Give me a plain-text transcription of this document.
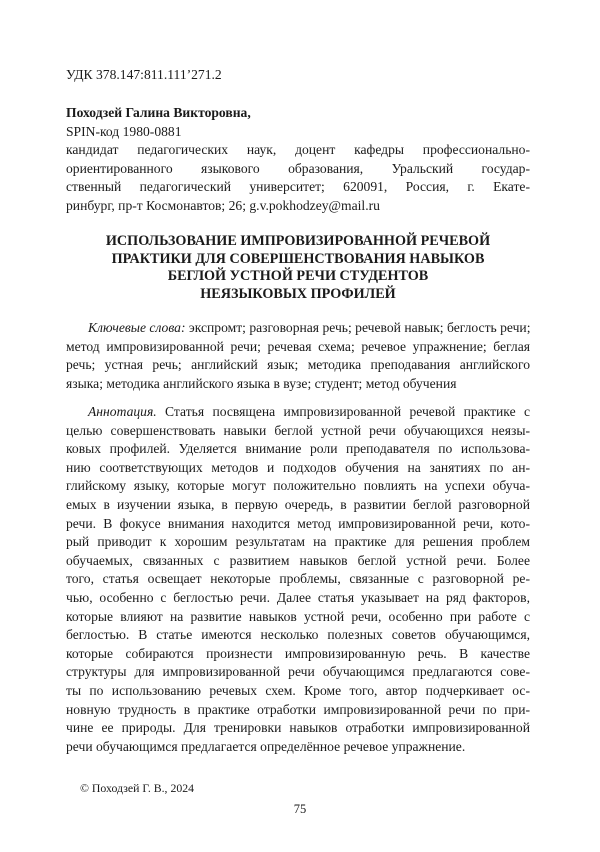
УДК 378.147:811.111’271.2
Походзей Галина Викторовна,
SPIN-код 1980-0881
кандидат педагогических наук, доцент кафедры профессионально-
ориентированного языкового образования, Уральский государ-
ственный педагогический университет; 620091, Россия, г. Екате-
ринбург, пр-т Космонавтов; 26; g.v.pokhodzey@mail.ru
ИСПОЛЬЗОВАНИЕ ИМПРОВИЗИРОВАННОЙ РЕЧЕВОЙ
ПРАКТИКИ ДЛЯ СОВЕРШЕНСТВОВАНИЯ НАВЫКОВ
БЕГЛОЙ УСТНОЙ РЕЧИ СТУДЕНТОВ
НЕЯЗЫКОВЫХ ПРОФИЛЕЙ
Ключевые слова: экспромт; разговорная речь; речевой навык; беглость речи;
метод импровизированной речи; речевая схема; речевое упражнение; беглая
речь; устная речь; английский язык; методика преподавания английского
языка; методика английского языка в вузе; студент; метод обучения
Аннотация. Статья посвящена импровизированной речевой практике с
целью совершенствовать навыки беглой устной речи обучающихся неязы-
ковых профилей. Уделяется внимание роли преподавателя по использова-
нию соответствующих методов и подходов обучения на занятиях по ан-
глийскому языку, которые могут положительно повлиять на успехи обуча-
емых в изучении языка, в первую очередь, в развитии беглой разговорной
речи. В фокусе внимания находится метод импровизированной речи, кото-
рый приводит к хорошим результатам на практике для решения проблем
обучаемых, связанных с развитием навыков беглой устной речи. Более
того, статья освещает некоторые проблемы, связанные с разговорной ре-
чью, особенно с беглостью речи. Далее статья указывает на ряд факторов,
которые влияют на развитие навыков устной речи, особенно при работе с
беглостью. В статье имеются несколько полезных советов обучающимся,
которые собираются произнести импровизированную речь. В качестве
структуры для импровизированной речи обучающимся предлагаются сове-
ты по использованию речевых схем. Кроме того, автор подчеркивает ос-
новную трудность в практике отработки импровизированной речи по при-
чине ее природы. Для тренировки навыков отработки импровизированной
речи обучающимся предлагается определённое речевое упражнение.
© Походзей Г. В., 2024
75
